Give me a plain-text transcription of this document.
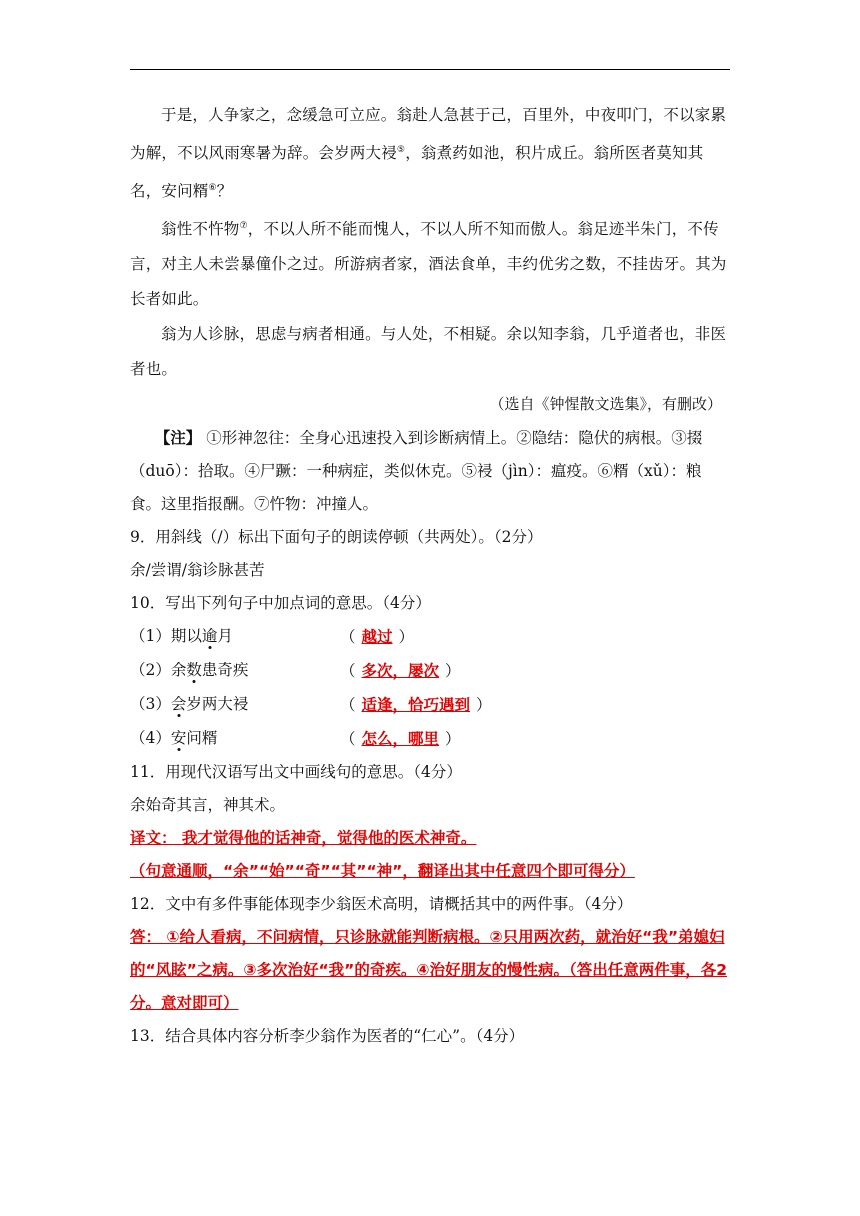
于是，人争家之，念缓急可立应。翁赴人急甚于己，百里外，中夜叩门，不以家累为解，不以风雨寒暑为辞。会岁两大祲⑤，翁煮药如池，积片成丘。翁所医者莫知其名，安问糈⑥？

翁性不忤物⑦，不以人所不能而愧人，不以人所不知而傲人。翁足迹半朱门，不传言，对主人未尝暴僮仆之过。所游病者家，酒法食单，丰约优劣之数，不挂齿牙。其为长者如此。

翁为人诊脉，思虑与病者相通。与人处，不相疑。余以知李翁，几乎道者也，非医者也。

（选自《钟惺散文选集》，有删改）

【注】 ①形神忽往：全身心迅速投入到诊断病情上。②隐结：隐伏的病根。③掇（duō）：拾取。④尸蹶：一种病症，类似休克。⑤祲（jìn）：瘟疫。⑥糈（xǔ）：粮食。这里指报酬。⑦忤物：冲撞人。

9．用斜线（/）标出下面句子的朗读停顿（共两处）。（2分）

余/尝谓/翁诊脉甚苦

10．写出下列句子中加点词的意思。（4分）

（1）期以逾月	（ 越过 ）
（2）余数患奇疾	（ 多次，屡次 ）
（3）会岁两大祲	（ 适逢，恰巧遇到 ）
（4）安问糈	（ 怎么，哪里 ）

11．用现代汉语写出文中画线句的意思。（4分）

余始奇其言，神其术。

译文： 我才觉得他的话神奇，觉得他的医术神奇。

（句意通顺，“余”“始”“奇”“其”“神”，翻译出其中任意四个即可得分）

12．文中有多件事能体现李少翁医术高明，请概括其中的两件事。（4分）

答： ①给人看病，不问病情，只诊脉就能判断病根。②只用两次药，就治好“我”弟媳妇的“风眩”之病。③多次治好“我”的奇疾。④治好朋友的慢性病。（答出任意两件事，各2分。意对即可）

13．结合具体内容分析李少翁作为医者的“仁心”。（4分）
